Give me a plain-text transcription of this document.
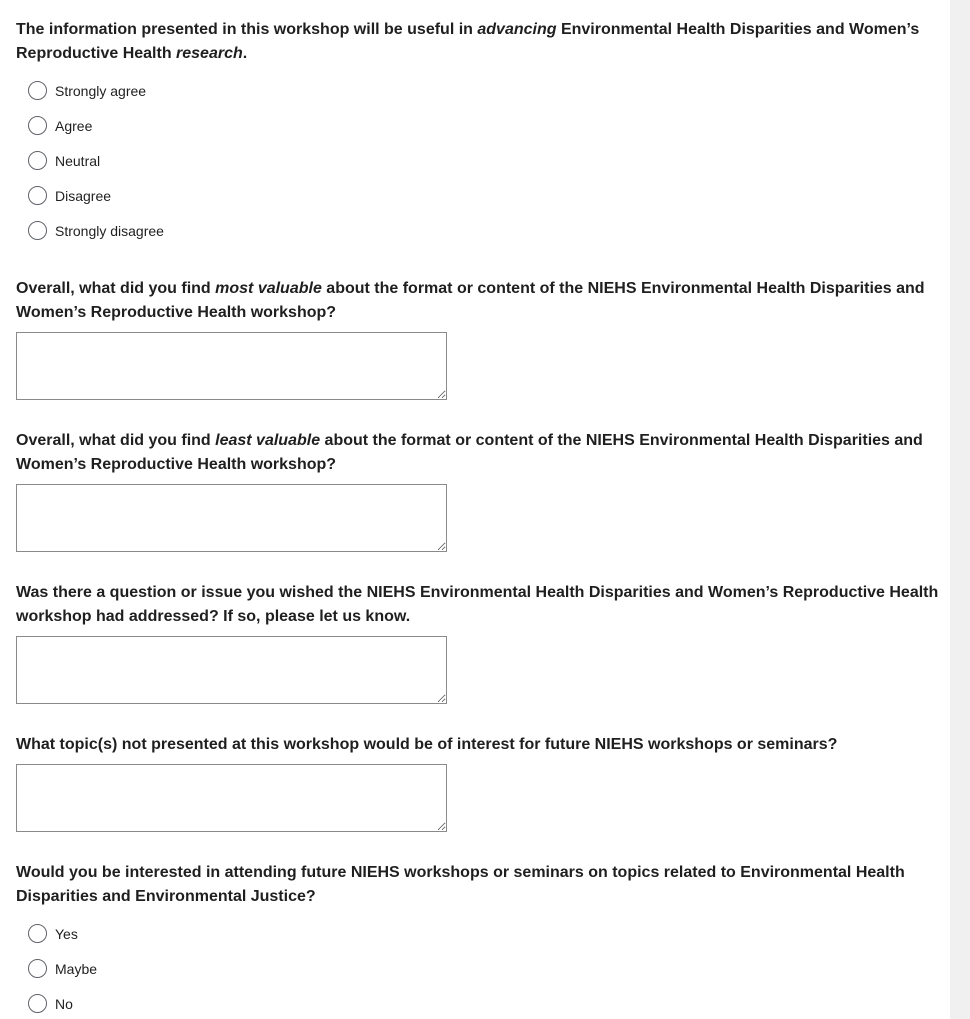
The information presented in this workshop will be useful in advancing Environmental Health Disparities and Women’s Reproductive Health research.

Strongly agree
Agree
Neutral
Disagree
Strongly disagree

Overall, what did you find most valuable about the format or content of the NIEHS Environmental Health Disparities and Women’s Reproductive Health workshop?

Overall, what did you find least valuable about the format or content of the NIEHS Environmental Health Disparities and Women’s Reproductive Health workshop?

Was there a question or issue you wished the NIEHS Environmental Health Disparities and Women’s Reproductive Health workshop had addressed? If so, please let us know.

What topic(s) not presented at this workshop would be of interest for future NIEHS workshops or seminars?

Would you be interested in attending future NIEHS workshops or seminars on topics related to Environmental Health Disparities and Environmental Justice?

Yes
Maybe
No
